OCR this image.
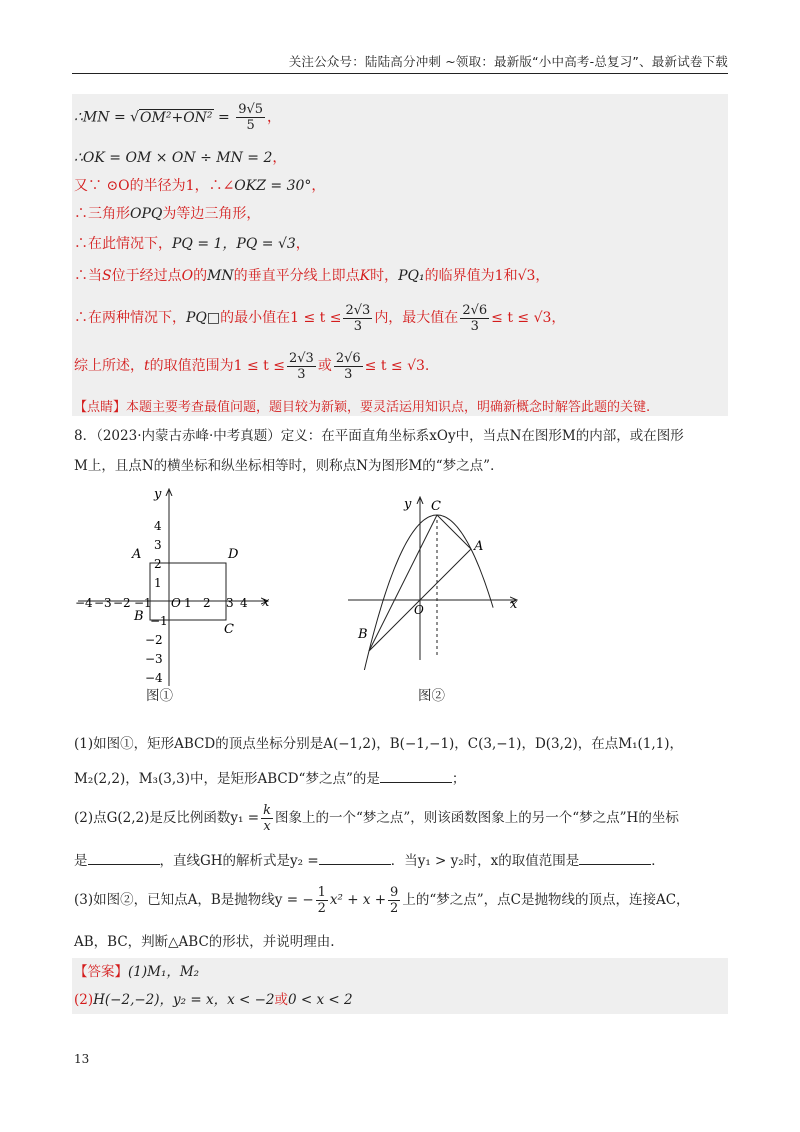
关注公众号：陆陆高分冲刺 ~领取：最新版“小中高考-总复习”、最新试卷下载
∴MN = $√OM^2+ON^2 = \frac{9√5}{5}$ ，
∴OK = OM × ON ÷ MN = 2，
又∵ ⊙O的半径为1，∴∠OKZ = 30°，
∴三角形OPQ为等边三角形，
∴在此情况下，PQ = 1，PQ = √3，
∴当S位于经过点O的MN的垂直平分线上即点K时，PQ₁的临界值为1和√3，
∴在两种情况下，PQ□的最小值在$1 \le t \le \frac{2√3}{3}$ 内，最大值在 $\frac{2√6}{3} \le t \le √3$，
综上所述，t的取值范围为$1 \le t \le \frac{2√3}{3}$ 或 $\frac{2√6}{3} \le t \le √3$.
【点睛】本题主要考查最值问题，题目较为新颖，要灵活运用知识点，明确新概念时解答此题的关键.
8．（2023·内蒙古赤峰·中考真题）定义：在平面直角坐标系xOy中，当点N在图形M的内部，或在图形
M上，且点N的横坐标和纵坐标相等时，则称点N为图形M的“梦之点”．
x
y
O
−4 −3 −2 −1	1 2 3 4
4
3
2
1
−1
−2
−3
−4
A	D
B
C
图①
x
y
O
C
A
B
图②
(1)如图①，矩形ABCD的顶点坐标分别是A(−1,2)，B(−1,−1)，C(3,−1)，D(3,2)，在点M₁(1,1)，
M₂(2,2)，M₃(3,3)中，是矩形ABCD“梦之点”的是	；
(2)点G(2,2)是反比例函数$y_1 = \frac{k}{x}$ 图象上的一个“梦之点”，则该函数图象上的另一个“梦之点”H的坐标
是	，直线GH的解析式是y₂ =	．当y₁ > y₂时，x的取值范围是	．
(3)如图②，已知点A，B是抛物线y = − $\frac{1}{2} x^2 + x + \frac{9}{2}$ 上的“梦之点”，点C是抛物线的顶点，连接AC，
AB，BC，判断△ABC的形状，并说明理由.
【答案】(1)M₁，M₂
(2)H(−2,−2)，y₂ = x，x < −2或0 < x < 2
13
